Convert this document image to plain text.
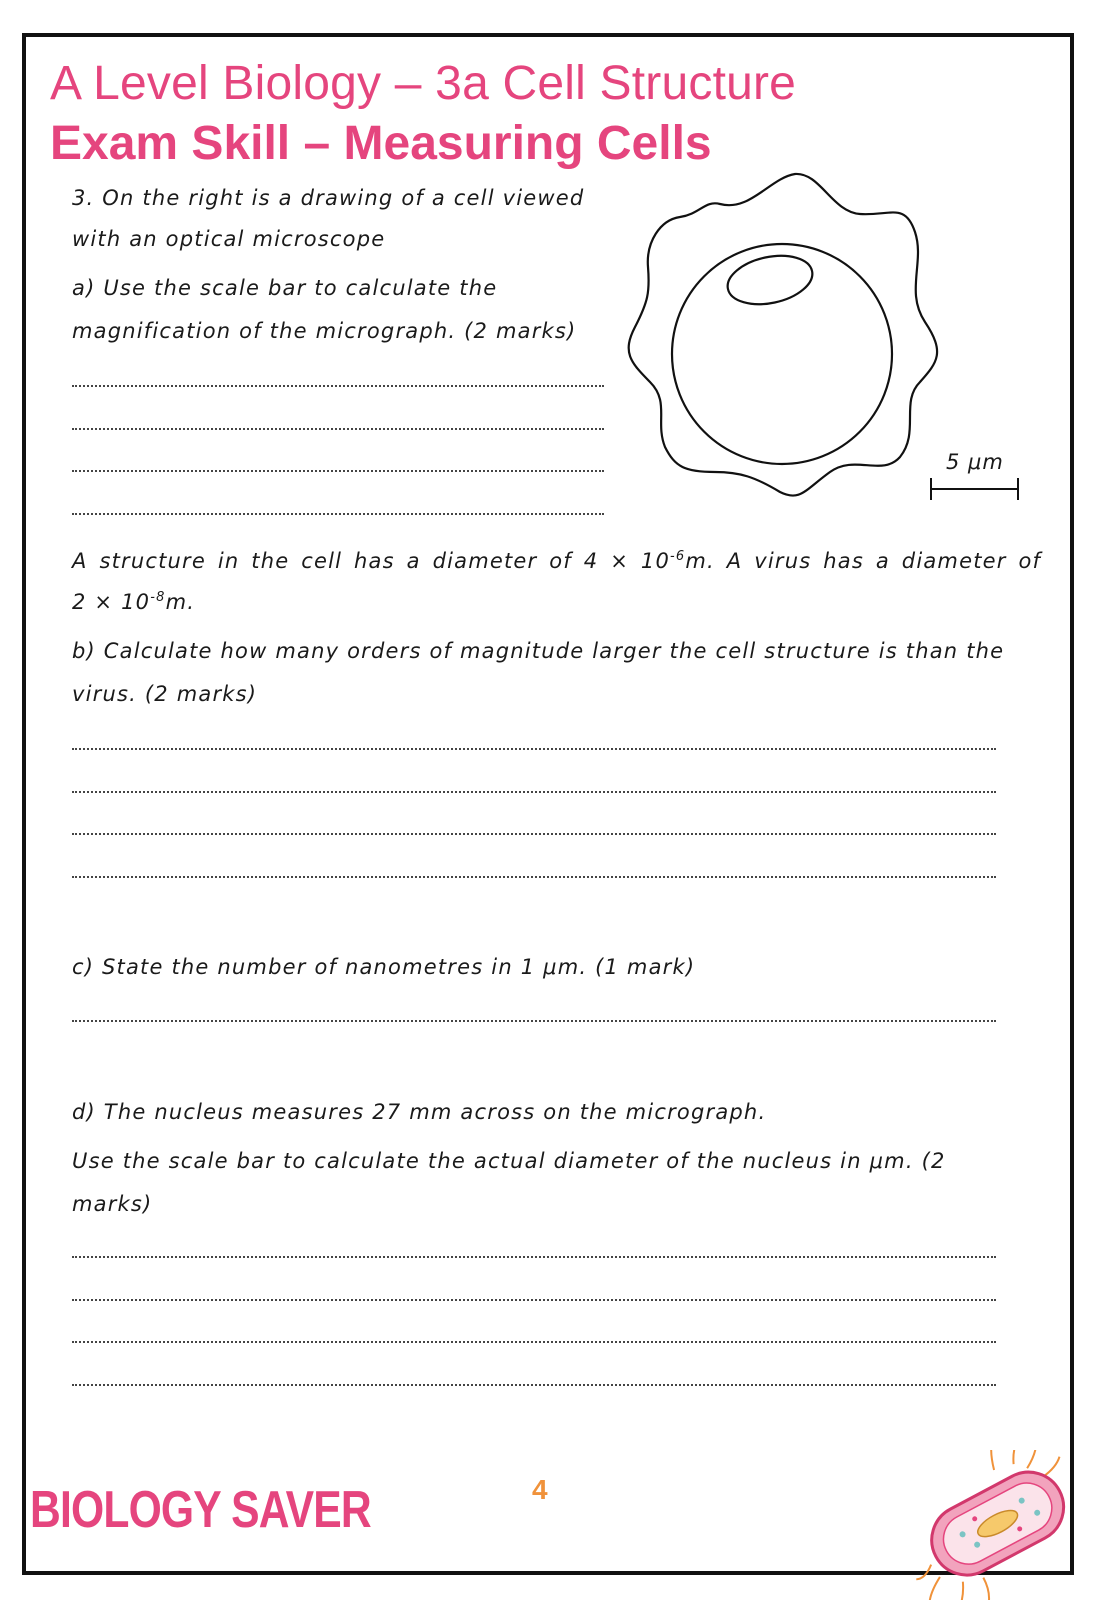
A Level Biology – 3a Cell Structure
Exam Skill – Measuring Cells
3. On the right is a drawing of a cell viewed
with an optical microscope
a) Use the scale bar to calculate the
magnification of the micrograph. (2 marks)
5 μm
A structure in the cell has a diameter of $4 \times 10^{-6}m$. A virus has a diameter of
$2 \times 10^{-8}m$.
b) Calculate how many orders of magnitude larger the cell structure is than the
virus. (2 marks)
c) State the number of nanometres in 1 μm. (1 mark)
d) The nucleus measures 27 mm across on the micrograph.
Use the scale bar to calculate the actual diameter of the nucleus in μm. (2
marks)
BIOLOGY SAVER	4
